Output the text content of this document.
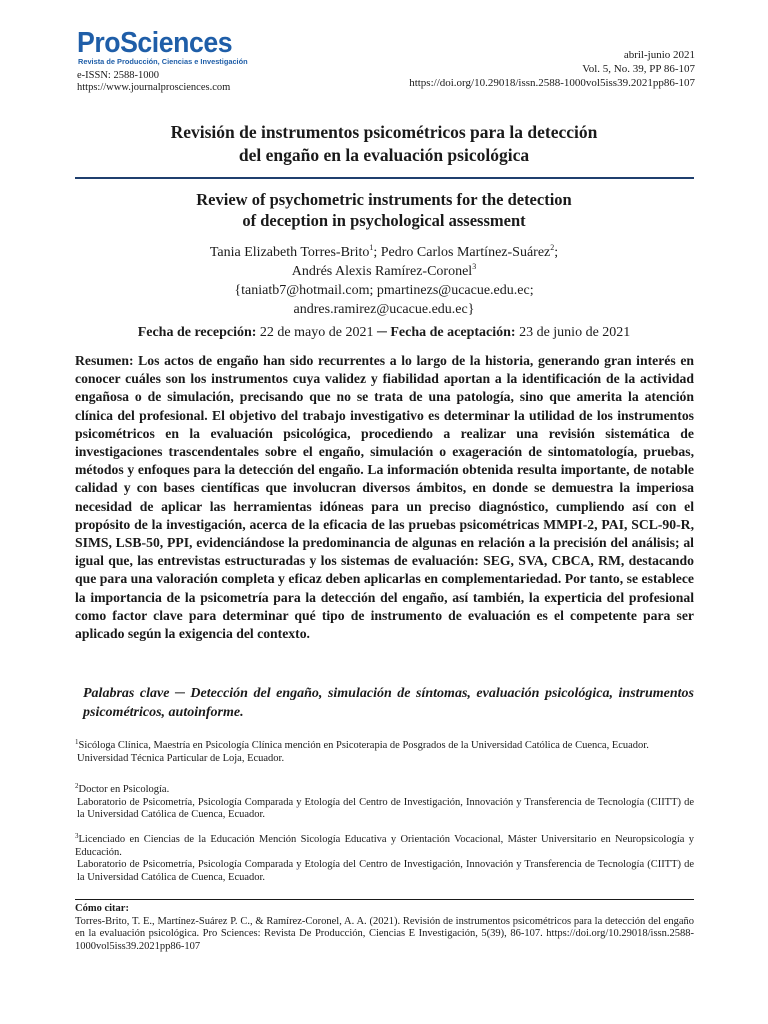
ProSciences
Revista de Producción, Ciencias e Investigación
e-ISSN: 2588-1000
https://www.journalprosciences.com
abril-junio 2021
Vol. 5, No. 39, PP 86-107
https://doi.org/10.29018/issn.2588-1000vol5iss39.2021pp86-107
Revisión de instrumentos psicométricos para la detección
del engaño en la evaluación psicológica
Review of psychometric instruments for the detection
of deception in psychological assessment
Tania Elizabeth Torres-Brito$^1$; Pedro Carlos Martínez-Suárez$^2$;
Andrés Alexis Ramírez-Coronel$^3$
{taniatb7@hotmail.com; pmartinezs@ucacue.edu.ec;
andres.ramirez@ucacue.edu.ec}
Fecha de recepción: 22 de mayo de 2021 ─ Fecha de aceptación: 23 de junio de 2021

Resumen: Los actos de engaño han sido recurrentes a lo largo de la historia, generando gran interés en conocer cuáles son los instrumentos cuya validez y fiabilidad aportan a la identificación de la actividad engañosa o de simulación, precisando que no se trata de una patología, sino que amerita la atención clínica del profesional. El objetivo del trabajo investigativo es determinar la utilidad de los instrumentos psicométricos en la evaluación psicológica, procediendo a realizar una revisión sistemática de investigaciones trascendentales sobre el engaño, simulación o exageración de sintomatología, pruebas, métodos y enfoques para la detección del engaño. La información obtenida resulta importante, de notable calidad y con bases científicas que involucran diversos ámbitos, en donde se demuestra la imperiosa necesidad de aplicar las herramientas idóneas para un preciso diagnóstico, cumpliendo así con el propósito de la investigación, acerca de la eficacia de las pruebas psicométricas MMPI-2, PAI, SCL-90-R, SIMS, LSB-50, PPI, evidenciándose la predominancia de algunas en relación a la precisión del análisis; al igual que, las entrevistas estructuradas y los sistemas de evaluación: SEG, SVA, CBCA, RM, destacando que para una valoración completa y eficaz deben aplicarlas en complementariedad. Por tanto, se establece la importancia de la psicometría para la detección del engaño, así también, la experticia del profesional como factor clave para determinar qué tipo de instrumento de evaluación es el competente para ser aplicado según la exigencia del contexto.

Palabras clave ─ Detección del engaño, simulación de síntomas, evaluación psicológica, instrumentos psicométricos, autoinforme.

$^1$Sicóloga Clínica, Maestría en Psicología Clínica mención en Psicoterapia de Posgrados de la Universidad Católica de Cuenca, Ecuador.

Universidad Técnica Particular de Loja, Ecuador.

$^2$Doctor en Psicología.

Laboratorio de Psicometría, Psicología Comparada y Etología del Centro de Investigación, Innovación y Transferencia de Tecnología (CIITT) de la Universidad Católica de Cuenca, Ecuador.

$^3$Licenciado en Ciencias de la Educación Mención Sicología Educativa y Orientación Vocacional, Máster Universitario en Neuropsicología y Educación.

Laboratorio de Psicometría, Psicología Comparada y Etología del Centro de Investigación, Innovación y Transferencia de Tecnología (CIITT) de la Universidad Católica de Cuenca, Ecuador.

Cómo citar:
Torres-Brito, T. E., Martínez-Suárez P. C., & Ramírez-Coronel, A. A. (2021). Revisión de instrumentos psicométricos para la detección del engaño en la evaluación psicológica. Pro Sciences: Revista De Producción, Ciencias E Investigación, 5(39), 86-107. https://doi.org/10.29018/issn.2588-1000vol5iss39.2021pp86-107
